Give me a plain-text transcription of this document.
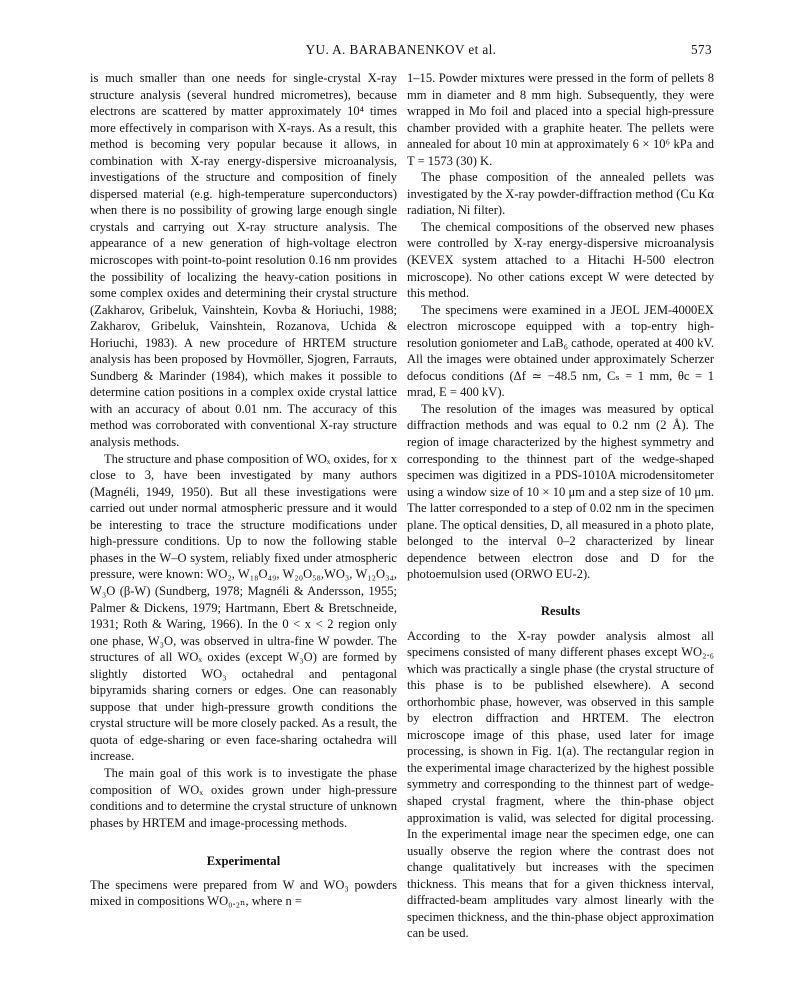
YU. A. BARABANENKOV et al.	573

is much smaller than one needs for single-crystal X-ray structure analysis (several hundred micrometres), because electrons are scattered by matter approximately 10⁴ times more effectively in comparison with X-rays. As a result, this method is becoming very popular because it allows, in combination with X-ray energy-dispersive microanalysis, investigations of the structure and composition of finely dispersed material (e.g. high-temperature superconductors) when there is no possibility of growing large enough single crystals and carrying out X-ray structure analysis. The appearance of a new generation of high-voltage electron microscopes with point-to-point resolution 0.16 nm provides the possibility of localizing the heavy-cation positions in some complex oxides and determining their crystal structure (Zakharov, Gribeluk, Vainshtein, Kovba & Horiuchi, 1988; Zakharov, Gribeluk, Vainshtein, Rozanova, Uchida & Horiuchi, 1983). A new procedure of HRTEM structure analysis has been proposed by Hovmöller, Sjogren, Farrauts, Sundberg & Marinder (1984), which makes it possible to determine cation positions in a complex oxide crystal lattice with an accuracy of about 0.01 nm. The accuracy of this method was corroborated with conventional X-ray structure analysis methods.

The structure and phase composition of WOₓ oxides, for x close to 3, have been investigated by many authors (Magnéli, 1949, 1950). But all these investigations were carried out under normal atmospheric pressure and it would be interesting to trace the structure modifications under high-pressure conditions. Up to now the following stable phases in the W–O system, reliably fixed under atmospheric pressure, were known: WO₂, W₁₈O₄₉, W₂₀O₅₈,WO₃, W₁₂O₃₄, W₃O (β-W) (Sundberg, 1978; Magnéli & Andersson, 1955; Palmer & Dickens, 1979; Hartmann, Ebert & Bretschneide, 1931; Roth & Waring, 1966). In the 0 < x < 2 region only one phase, W₃O, was observed in ultra-fine W powder. The structures of all WOₓ oxides (except W₃O) are formed by slightly distorted WO₃ octahedral and pentagonal bipyramids sharing corners or edges. One can reasonably suppose that under high-pressure growth conditions the crystal structure will be more closely packed. As a result, the quota of edge-sharing or even face-sharing octahedra will increase.

The main goal of this work is to investigate the phase composition of WOₓ oxides grown under high-pressure conditions and to determine the crystal structure of unknown phases by HRTEM and image-processing methods.

Experimental

The specimens were prepared from W and WO₃ powders mixed in compositions WO₀.₂ₙ, where n =

1–15. Powder mixtures were pressed in the form of pellets 8 mm in diameter and 8 mm high. Subsequently, they were wrapped in Mo foil and placed into a special high-pressure chamber provided with a graphite heater. The pellets were annealed for about 10 min at approximately 6 × 10⁶ kPa and T = 1573 (30) K.

The phase composition of the annealed pellets was investigated by the X-ray powder-diffraction method (Cu Kα radiation, Ni filter).

The chemical compositions of the observed new phases were controlled by X-ray energy-dispersive microanalysis (KEVEX system attached to a Hitachi H-500 electron microscope). No other cations except W were detected by this method.

The specimens were examined in a JEOL JEM-4000EX electron microscope equipped with a top-entry high-resolution goniometer and LaB₆ cathode, operated at 400 kV. All the images were obtained under approximately Scherzer defocus conditions (Δf ≃ −48.5 nm, Cₛ = 1 mm, θc = 1 mrad, E = 400 kV).

The resolution of the images was measured by optical diffraction methods and was equal to 0.2 nm (2 Å). The region of image characterized by the highest symmetry and corresponding to the thinnest part of the wedge-shaped specimen was digitized in a PDS-1010A microdensitometer using a window size of 10 × 10 μm and a step size of 10 μm. The latter corresponded to a step of 0.02 nm in the specimen plane. The optical densities, D, all measured in a photo plate, belonged to the interval 0–2 characterized by linear dependence between electron dose and D for the photoemulsion used (ORWO EU-2).

Results

According to the X-ray powder analysis almost all specimens consisted of many different phases except WO₂.₆ which was practically a single phase (the crystal structure of this phase is to be published elsewhere). A second orthorhombic phase, however, was observed in this sample by electron diffraction and HRTEM. The electron microscope image of this phase, used later for image processing, is shown in Fig. 1(a). The rectangular region in the experimental image characterized by the highest possible symmetry and corresponding to the thinnest part of wedge-shaped crystal fragment, where the thin-phase object approximation is valid, was selected for digital processing. In the experimental image near the specimen edge, one can usually observe the region where the contrast does not change qualitatively but increases with the specimen thickness. This means that for a given thickness interval, diffracted-beam amplitudes vary almost linearly with the specimen thickness, and the thin-phase object approximation can be used.
